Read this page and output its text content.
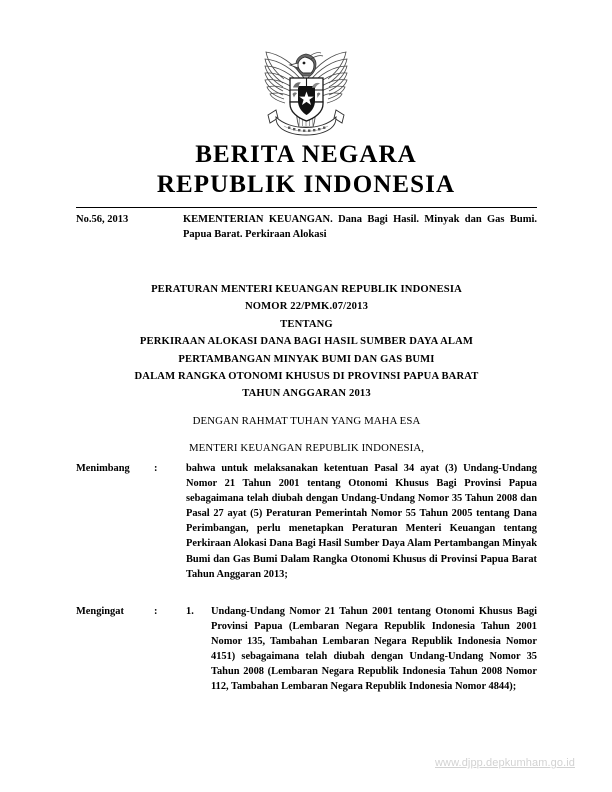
BERITA NEGARA
REPUBLIK INDONESIA
No.56, 2013	KEMENTERIAN KEUANGAN. Dana Bagi Hasil. Minyak dan Gas Bumi. Papua Barat. Perkiraan Alokasi
PERATURAN MENTERI KEUANGAN REPUBLIK INDONESIA
NOMOR 22/PMK.07/2013
TENTANG
PERKIRAAN ALOKASI DANA BAGI HASIL SUMBER DAYA ALAM
PERTAMBANGAN MINYAK BUMI DAN GAS BUMI
DALAM RANGKA OTONOMI KHUSUS DI PROVINSI PAPUA BARAT
TAHUN ANGGARAN 2013
DENGAN RAHMAT TUHAN YANG MAHA ESA
MENTERI KEUANGAN REPUBLIK INDONESIA,
Menimbang	:	bahwa untuk melaksanakan ketentuan Pasal 34 ayat (3) Undang-Undang Nomor 21 Tahun 2001 tentang Otonomi Khusus Bagi Provinsi Papua sebagaimana telah diubah dengan Undang-Undang Nomor 35 Tahun 2008 dan Pasal 27 ayat (5) Peraturan Pemerintah Nomor 55 Tahun 2005 tentang Dana Perimbangan, perlu menetapkan Peraturan Menteri Keuangan tentang Perkiraan Alokasi Dana Bagi Hasil Sumber Daya Alam Pertambangan Minyak Bumi dan Gas Bumi Dalam Rangka Otonomi Khusus di Provinsi Papua Barat Tahun Anggaran 2013;
Mengingat	:	1.	Undang-Undang Nomor 21 Tahun 2001 tentang Otonomi Khusus Bagi Provinsi Papua (Lembaran Negara Republik Indonesia Tahun 2001 Nomor 135, Tambahan Lembaran Negara Republik Indonesia Nomor 4151) sebagaimana telah diubah dengan Undang-Undang Nomor 35 Tahun 2008 (Lembaran Negara Republik Indonesia Tahun 2008 Nomor 112, Tambahan Lembaran Negara Republik Indonesia Nomor 4844);
www.djpp.depkumham.go.id
